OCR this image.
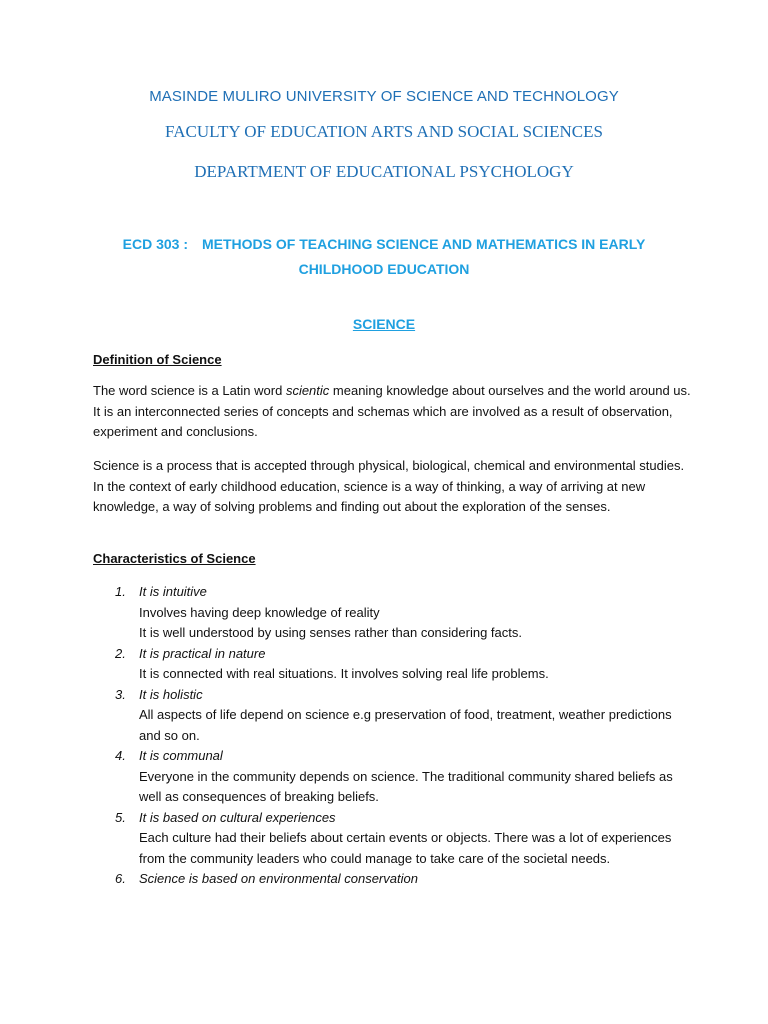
MASINDE MULIRO UNIVERSITY OF SCIENCE AND TECHNOLOGY
FACULTY OF EDUCATION ARTS AND SOCIAL SCIENCES
DEPARTMENT OF EDUCATIONAL PSYCHOLOGY
ECD 303 : METHODS OF TEACHING SCIENCE AND MATHEMATICS IN EARLY
CHILDHOOD EDUCATION
SCIENCE
Definition of Science

The word science is a Latin word scientic meaning knowledge about ourselves and the world around us. It is an interconnected series of concepts and schemas which are involved as a result of observation, experiment and conclusions.

Science is a process that is accepted through physical, biological, chemical and environmental studies. In the context of early childhood education, science is a way of thinking, a way of arriving at new knowledge, a way of solving problems and finding out about the exploration of the senses.

Characteristics of Science
1. It is intuitive
Involves having deep knowledge of reality
It is well understood by using senses rather than considering facts.
2. It is practical in nature
It is connected with real situations. It involves solving real life problems.
3. It is holistic
All aspects of life depend on science e.g preservation of food, treatment, weather predictions and so on.
4. It is communal
Everyone in the community depends on science. The traditional community shared beliefs as well as consequences of breaking beliefs.
5. It is based on cultural experiences
Each culture had their beliefs about certain events or objects. There was a lot of experiences from the community leaders who could manage to take care of the societal needs.
6. Science is based on environmental conservation
